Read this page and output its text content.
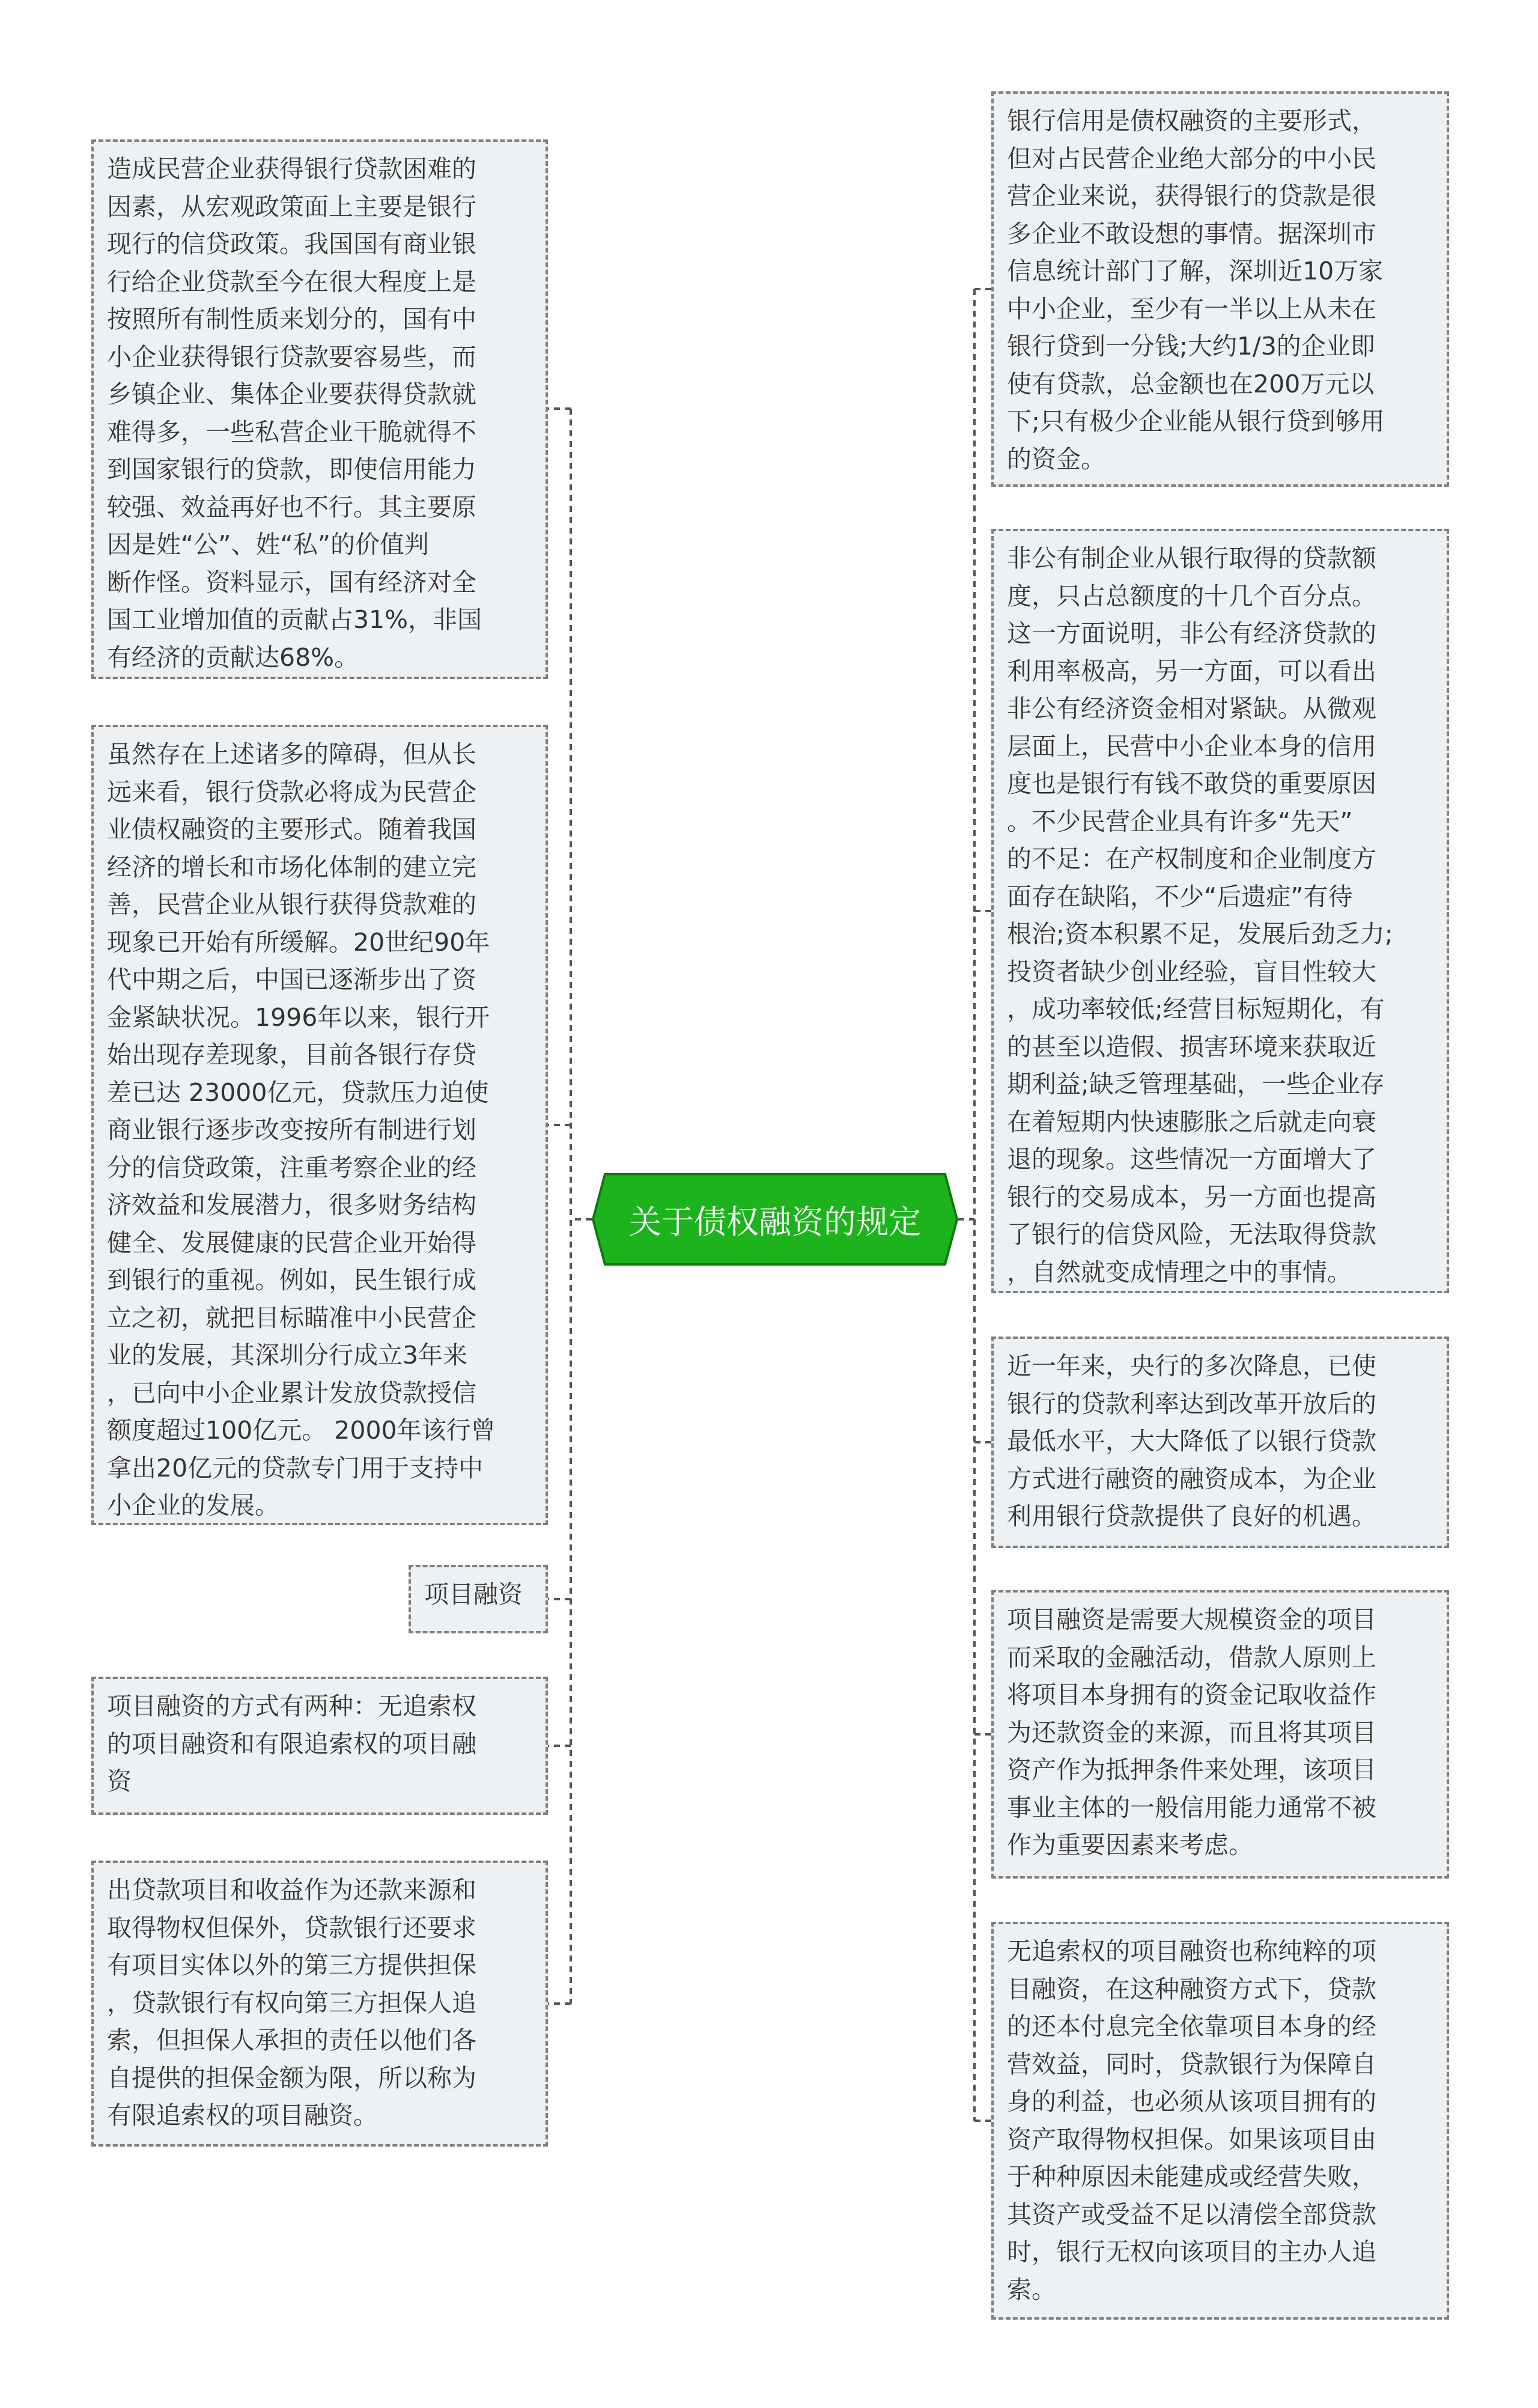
关于债权融资的规定
造成民营企业获得银行贷款困难的
因素，从宏观政策面上主要是银行
现行的信贷政策。我国国有商业银
行给企业贷款至今在很大程度上是
按照所有制性质来划分的，国有中
小企业获得银行贷款要容易些，而
乡镇企业、集体企业要获得贷款就
难得多，一些私营企业干脆就得不
到国家银行的贷款，即使信用能力
较强、效益再好也不行。其主要原
因是姓“公”、姓“私”的价值判
断作怪。资料显示，国有经济对全
国工业增加值的贡献占31%，非国
有经济的贡献达68%。
虽然存在上述诸多的障碍，但从长
远来看，银行贷款必将成为民营企
业债权融资的主要形式。随着我国
经济的增长和市场化体制的建立完
善，民营企业从银行获得贷款难的
现象已开始有所缓解。20世纪90年
代中期之后，中国已逐渐步出了资
金紧缺状况。1996年以来，银行开
始出现存差现象，目前各银行存贷
差已达 23000亿元，贷款压力迫使
商业银行逐步改变按所有制进行划
分的信贷政策，注重考察企业的经
济效益和发展潜力，很多财务结构
健全、发展健康的民营企业开始得
到银行的重视。例如，民生银行成
立之初，就把目标瞄准中小民营企
业的发展，其深圳分行成立3年来
，已向中小企业累计发放贷款授信
额度超过100亿元。 2000年该行曾
拿出20亿元的贷款专门用于支持中
小企业的发展。
项目融资
项目融资的方式有两种：无追索权
的项目融资和有限追索权的项目融
资
出贷款项目和收益作为还款来源和
取得物权但保外，贷款银行还要求
有项目实体以外的第三方提供担保
，贷款银行有权向第三方担保人追
索，但担保人承担的责任以他们各
自提供的担保金额为限，所以称为
有限追索权的项目融资。
银行信用是债权融资的主要形式，
但对占民营企业绝大部分的中小民
营企业来说，获得银行的贷款是很
多企业不敢设想的事情。据深圳市
信息统计部门了解，深圳近10万家
中小企业，至少有一半以上从未在
银行贷到一分钱;大约1/3的企业即
使有贷款，总金额也在200万元以
下;只有极少企业能从银行贷到够用
的资金。
非公有制企业从银行取得的贷款额
度，只占总额度的十几个百分点。
这一方面说明，非公有经济贷款的
利用率极高，另一方面，可以看出
非公有经济资金相对紧缺。从微观
层面上，民营中小企业本身的信用
度也是银行有钱不敢贷的重要原因
。不少民营企业具有许多“先天”
的不足：在产权制度和企业制度方
面存在缺陷，不少“后遗症”有待
根治;资本积累不足，发展后劲乏力;
投资者缺少创业经验，盲目性较大
，成功率较低;经营目标短期化，有
的甚至以造假、损害环境来获取近
期利益;缺乏管理基础，一些企业存
在着短期内快速膨胀之后就走向衰
退的现象。这些情况一方面增大了
银行的交易成本，另一方面也提高
了银行的信贷风险，无法取得贷款
，自然就变成情理之中的事情。
近一年来，央行的多次降息，已使
银行的贷款利率达到改革开放后的
最低水平，大大降低了以银行贷款
方式进行融资的融资成本，为企业
利用银行贷款提供了良好的机遇。
项目融资是需要大规模资金的项目
而采取的金融活动，借款人原则上
将项目本身拥有的资金记取收益作
为还款资金的来源，而且将其项目
资产作为抵押条件来处理，该项目
事业主体的一般信用能力通常不被
作为重要因素来考虑。
无追索权的项目融资也称纯粹的项
目融资，在这种融资方式下，贷款
的还本付息完全依靠项目本身的经
营效益，同时，贷款银行为保障自
身的利益，也必须从该项目拥有的
资产取得物权担保。如果该项目由
于种种原因未能建成或经营失败，
其资产或受益不足以清偿全部贷款
时，银行无权向该项目的主办人追
索。
